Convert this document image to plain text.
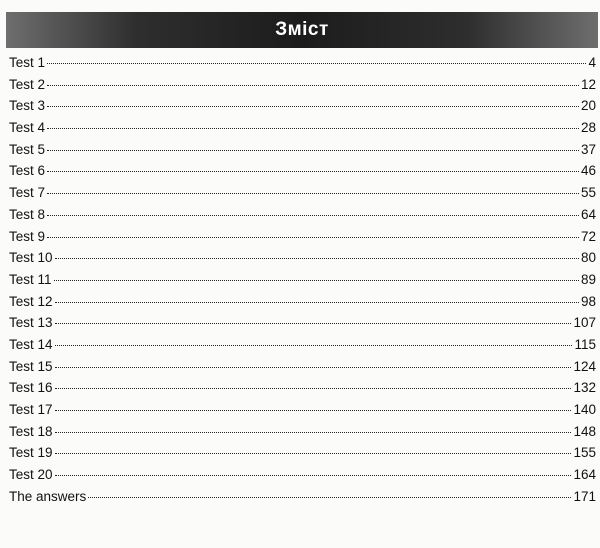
Зміст
Test 1	4
Test 2	12
Test 3	20
Test 4	28
Test 5	37
Test 6	46
Test 7	55
Test 8	64
Test 9	72
Test 10	80
Test 11	89
Test 12	98
Test 13	107
Test 14	115
Test 15	124
Test 16	132
Test 17	140
Test 18	148
Test 19	155
Test 20	164
The answers	171
